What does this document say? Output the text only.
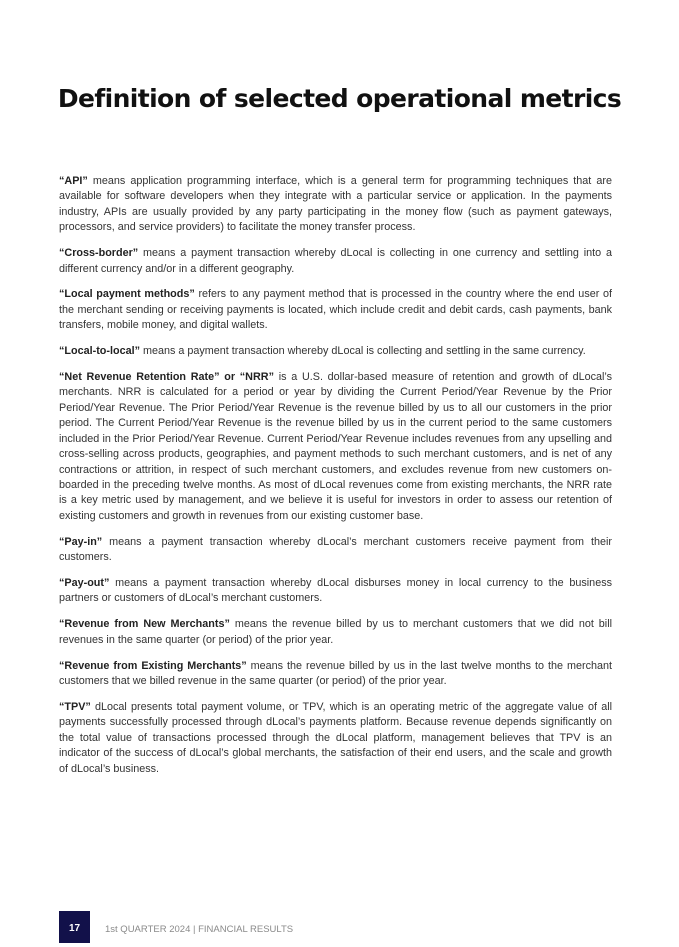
Definition of selected operational metrics

“API” means application programming interface, which is a general term for programming techniques that are available for software developers when they integrate with a particular service or application. In the payments industry, APIs are usually provided by any party participating in the money flow (such as payment gateways, processors, and service providers) to facilitate the money transfer process.

“Cross-border” means a payment transaction whereby dLocal is collecting in one currency and settling into a different currency and/or in a different geography.

“Local payment methods” refers to any payment method that is processed in the country where the end user of the merchant sending or receiving payments is located, which include credit and debit cards, cash payments, bank transfers, mobile money, and digital wallets.

“Local-to-local” means a payment transaction whereby dLocal is collecting and settling in the same currency.

“Net Revenue Retention Rate” or “NRR” is a U.S. dollar-based measure of retention and growth of dLocal’s merchants. NRR is calculated for a period or year by dividing the Current Period/Year Revenue by the Prior Period/Year Revenue. The Prior Period/Year Revenue is the revenue billed by us to all our customers in the prior period. The Current Period/Year Revenue is the revenue billed by us in the current period to the same customers included in the Prior Period/Year Revenue. Current Period/Year Revenue includes revenues from any upselling and cross-selling across products, geographies, and payment methods to such merchant customers, and is net of any contractions or attrition, in respect of such merchant customers, and excludes revenue from new customers on-boarded in the preceding twelve months. As most of dLocal revenues come from existing merchants, the NRR rate is a key metric used by management, and we believe it is useful for investors in order to assess our retention of existing customers and growth in revenues from our existing customer base.

“Pay-in” means a payment transaction whereby dLocal’s merchant customers receive payment from their customers.

“Pay-out” means a payment transaction whereby dLocal disburses money in local currency to the business partners or customers of dLocal’s merchant customers.

“Revenue from New Merchants” means the revenue billed by us to merchant customers that we did not bill revenues in the same quarter (or period) of the prior year.

“Revenue from Existing Merchants” means the revenue billed by us in the last twelve months to the merchant customers that we billed revenue in the same quarter (or period) of the prior year.

“TPV” dLocal presents total payment volume, or TPV, which is an operating metric of the aggregate value of all payments successfully processed through dLocal’s payments platform. Because revenue depends significantly on the total value of transactions processed through the dLocal platform, management believes that TPV is an indicator of the success of dLocal’s global merchants, the satisfaction of their end users, and the scale and growth of dLocal’s business.

17	1st QUARTER 2024 | FINANCIAL RESULTS
